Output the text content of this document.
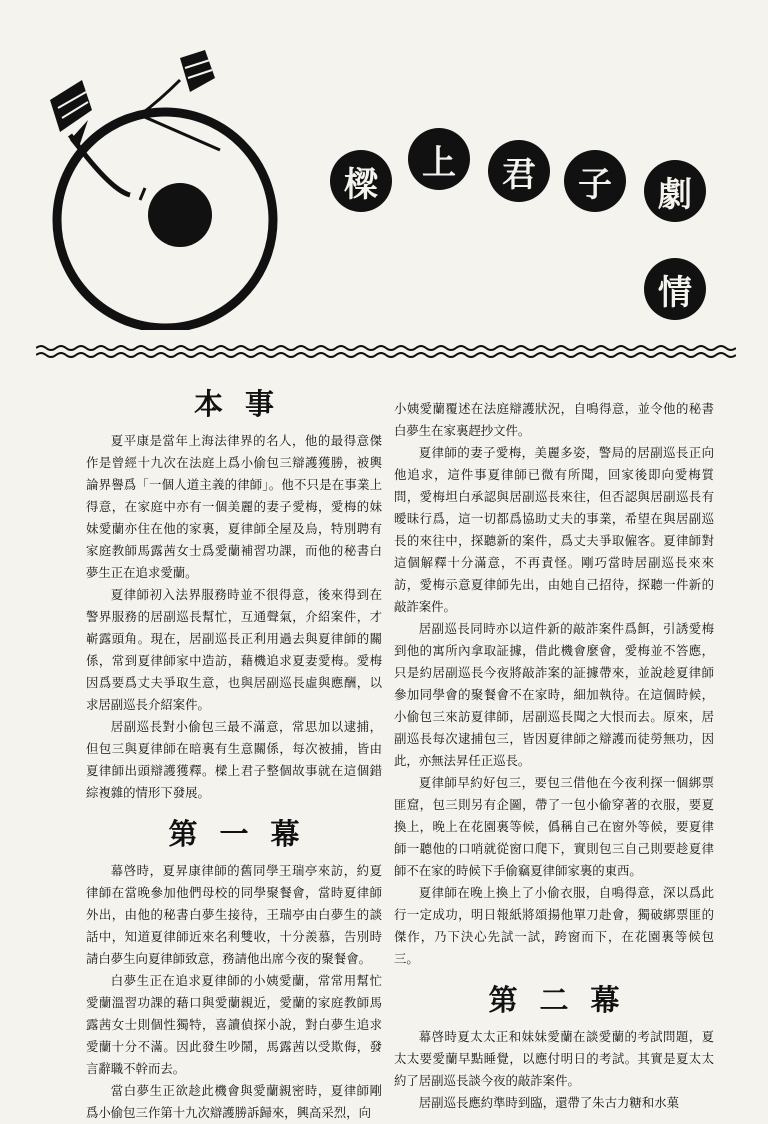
樑
上	君	子	劇
情
本事

夏平康是當年上海法律界的名人，他的最得意傑作是曾經十九次在法庭上爲小偷包三辯護獲勝，被輿論界譽爲「一個人道主義的律師」。他不只是在事業上得意，在家庭中亦有一個美麗的妻子愛梅，愛梅的妹妹愛蘭亦住在他的家裏，夏律師全屋及烏，特別聘有家庭教師馬露茜女士爲愛蘭補習功課，而他的秘書白夢生正在追求愛蘭。

夏律師初入法界服務時並不很得意，後來得到在警界服務的居副巡長幫忙，互通聲氣，介紹案件，才嶄露頭角。現在，居副巡長正利用過去與夏律師的關係，常到夏律師家中造訪，藉機追求夏妻愛梅。愛梅因爲要爲丈夫爭取生意，也與居副巡長虛與應酬，以求居副巡長介紹案件。

居副巡長對小偷包三最不滿意，常思加以逮捕，但包三與夏律師在暗裏有生意關係，每次被捕，皆由夏律師出頭辯護獲釋。樑上君子整個故事就在這個錯綜複雜的情形下發展。

第一幕

幕啓時，夏昇康律師的舊同學王瑞亭來訪，約夏律師在當晚參加他們母校的同學聚餐會，當時夏律師外出，由他的秘書白夢生接待，王瑞亭由白夢生的談話中，知道夏律師近來名利雙收，十分羨慕，告別時請白夢生向夏律師致意，務請他出席今夜的聚餐會。

白夢生正在追求夏律師的小姨愛蘭，常常用幫忙愛蘭溫習功課的藉口與愛蘭親近，愛蘭的家庭教師馬露茜女士則個性獨特，喜讀偵探小說，對白夢生追求愛蘭十分不滿。因此發生吵鬧，馬露茜以受欺侮，發言辭職不幹而去。

當白夢生正欲趁此機會與愛蘭親密時，夏律師剛爲小偷包三作第十九次辯護勝訴歸來，興高采烈，向

小姨愛蘭覆述在法庭辯護狀況，自鳴得意，並令他的秘書白夢生在家裏趕抄文件。

夏律師的妻子愛梅，美麗多姿，警局的居副巡長正向他追求，這件事夏律師已微有所聞，回家後即向愛梅質問，愛梅坦白承認與居副巡長來往，但否認與居副巡長有曖昧行爲，這一切都爲協助丈夫的事業，希望在與居副巡長的來往中，探聽新的案件，爲丈夫爭取僱客。夏律師對這個解釋十分滿意，不再責怪。剛巧當時居副巡長來來訪，愛梅示意夏律師先出，由她自己招待，探聽一件新的敲詐案件。

居副巡長同時亦以這件新的敲詐案件爲餌，引誘愛梅到他的寓所內拿取証據，借此機會麼會，愛梅並不答應，只是約居副巡長今夜將敲詐案的証據帶來，並說趁夏律師參加同學會的聚餐會不在家時，細加執待。在這個時候，小偷包三來訪夏律師，居副巡長聞之大恨而去。原來，居副巡長每次逮捕包三，皆因夏律師之辯護而徒勞無功，因此，亦無法昇任正巡長。

夏律師早約好包三，要包三借他在今夜利探一個綁票匪窟，包三則另有企圖，帶了一包小偷穿著的衣服，要夏換上，晚上在花園裏等候，僞稱自己在窗外等候，要夏律師一聽他的口哨就從窗口爬下，實則包三自己則要趁夏律師不在家的時候下手偷竊夏律師家裏的東西。

夏律師在晚上換上了小偷衣服，自鳴得意，深以爲此行一定成功，明日報紙將頌揚他單刀赴會，獨破綁票匪的傑作，乃下決心先試一試，跨窗而下，在花園裏等候包三。

第二幕

幕啓時夏太太正和妹妹愛蘭在談愛蘭的考試問題，夏太太要愛蘭早點睡覺，以應付明日的考試。其實是夏太太約了居副巡長談今夜的敲詐案件。

居副巡長應約準時到臨，還帶了朱古力糖和水菓
